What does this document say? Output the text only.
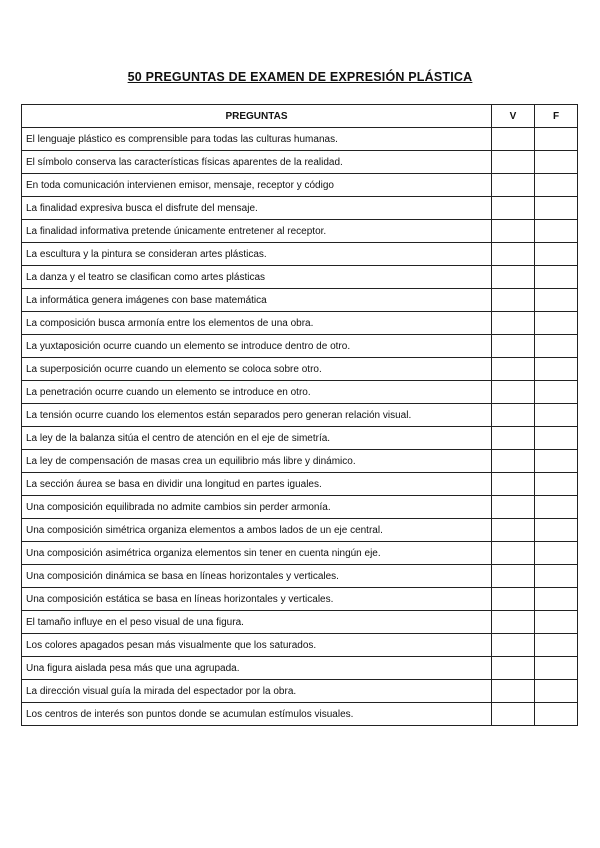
50 PREGUNTAS DE EXAMEN DE EXPRESIÓN PLÁSTICA
PREGUNTAS	V	F
El lenguaje plástico es comprensible para todas las culturas humanas.		
El símbolo conserva las características físicas aparentes de la realidad.		
En toda comunicación intervienen emisor, mensaje, receptor y código		
La finalidad expresiva busca el disfrute del mensaje.		
La finalidad informativa pretende únicamente entretener al receptor.		
La escultura y la pintura se consideran artes plásticas.		
La danza y el teatro se clasifican como artes plásticas		
La informática genera imágenes con base matemática		
La composición busca armonía entre los elementos de una obra.		
La yuxtaposición ocurre cuando un elemento se introduce dentro de otro.		
La superposición ocurre cuando un elemento se coloca sobre otro.		
La penetración ocurre cuando un elemento se introduce en otro.		
La tensión ocurre cuando los elementos están separados pero generan relación visual.		
La ley de la balanza sitúa el centro de atención en el eje de simetría.		
La ley de compensación de masas crea un equilibrio más libre y dinámico.		
La sección áurea se basa en dividir una longitud en partes iguales.		
Una composición equilibrada no admite cambios sin perder armonía.		
Una composición simétrica organiza elementos a ambos lados de un eje central.		
Una composición asimétrica organiza elementos sin tener en cuenta ningún eje.		
Una composición dinámica se basa en líneas horizontales y verticales.		
Una composición estática se basa en líneas horizontales y verticales.		
El tamaño influye en el peso visual de una figura.		
Los colores apagados pesan más visualmente que los saturados.		
Una figura aislada pesa más que una agrupada.		
La dirección visual guía la mirada del espectador por la obra.		
Los centros de interés son puntos donde se acumulan estímulos visuales.		
